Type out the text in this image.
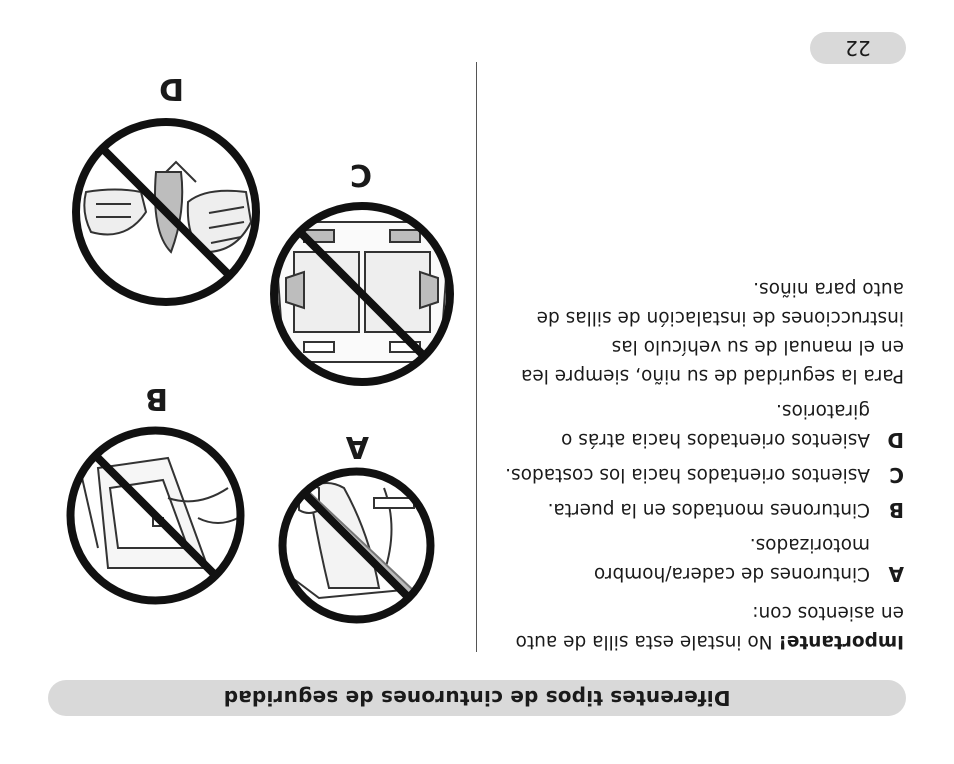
Diferentes tipos de cinturones de seguridad
22

Importante! No instale esta silla de auto en asientos con:

A
Cinturones de cadera/hombro motorizados.
B
Cinturones montados en la puerta.
C
Asientos orientados hacia los costados.
D
Asientos orientados hacia atrás o giratorios.

Para la seguridad de su niño, siempre lea en el manual de su vehículo las instrucciones de instalación de sillas de auto para niños.

A
B
C
D
